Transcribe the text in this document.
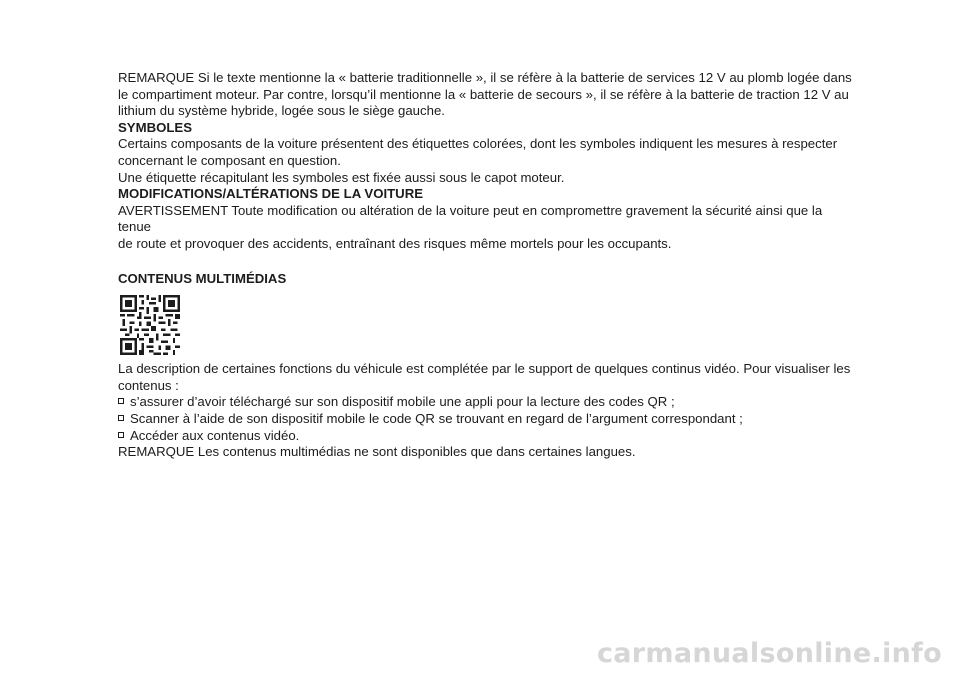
REMARQUE Si le texte mentionne la « batterie traditionnelle », il se réfère à la batterie de services 12 V au plomb logée dans

le compartiment moteur. Par contre, lorsqu’il mentionne la « batterie de secours », il se réfère à la batterie de traction 12 V au

lithium du système hybride, logée sous le siège gauche.

SYMBOLES

Certains composants de la voiture présentent des étiquettes colorées, dont les symboles indiquent les mesures à respecter

concernant le composant en question.

Une étiquette récapitulant les symboles est fixée aussi sous le capot moteur.

MODIFICATIONS/ALTÉRATIONS DE LA VOITURE

AVERTISSEMENT Toute modification ou altération de la voiture peut en compromettre gravement la sécurité ainsi que la tenue

de route et provoquer des accidents, entraînant des risques même mortels pour les occupants.

CONTENUS MULTIMÉDIAS

La description de certaines fonctions du véhicule est complétée par le support de quelques continus vidéo. Pour visualiser les

contenus :

s’assurer d’avoir téléchargé sur son dispositif mobile une appli pour la lecture des codes QR ;
Scanner à l’aide de son dispositif mobile le code QR se trouvant en regard de l’argument correspondant ;
Accéder aux contenus vidéo.

REMARQUE Les contenus multimédias ne sont disponibles que dans certaines langues.

carmanualsonline.info
